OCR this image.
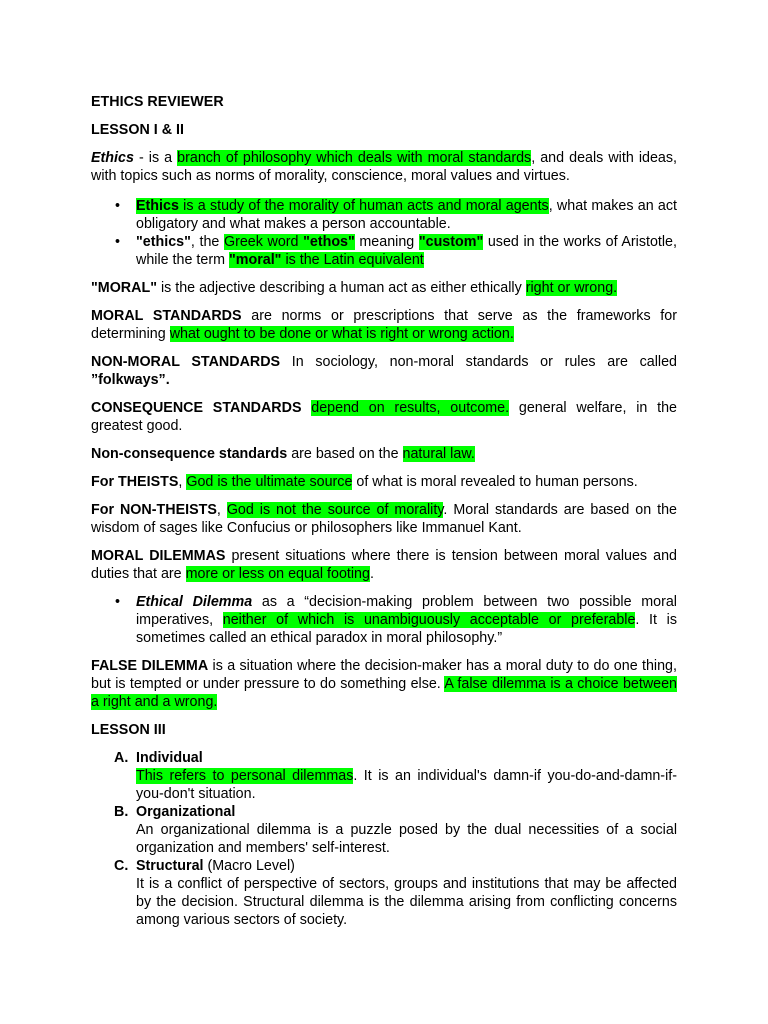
ETHICS REVIEWER

LESSON I & II

Ethics - is a branch of philosophy which deals with moral standards, and deals with ideas, with topics such as norms of morality, conscience, moral values and virtues.

• Ethics is a study of the morality of human acts and moral agents, what makes an act obligatory and what makes a person accountable.
• "ethics", the Greek word "ethos" meaning "custom" used in the works of Aristotle, while the term "moral" is the Latin equivalent

"MORAL" is the adjective describing a human act as either ethically right or wrong.

MORAL STANDARDS are norms or prescriptions that serve as the frameworks for determining what ought to be done or what is right or wrong action.

NON-MORAL STANDARDS In sociology, non-moral standards or rules are called ”folkways”.

CONSEQUENCE STANDARDS depend on results, outcome. general welfare, in the greatest good.

Non-consequence standards are based on the natural law.

For THEISTS, God is the ultimate source of what is moral revealed to human persons.

For NON-THEISTS, God is not the source of morality. Moral standards are based on the wisdom of sages like Confucius or philosophers like Immanuel Kant.

MORAL DILEMMAS present situations where there is tension between moral values and duties that are more or less on equal footing.

• Ethical Dilemma as a “decision-making problem between two possible moral imperatives, neither of which is unambiguously acceptable or preferable. It is sometimes called an ethical paradox in moral philosophy.”

FALSE DILEMMA is a situation where the decision-maker has a moral duty to do one thing, but is tempted or under pressure to do something else. A false dilemma is a choice between a right and a wrong.

LESSON III

A. Individual

This refers to personal dilemmas. It is an individual's damn-if you-do-and-damn-if-you-don't situation.

B. Organizational

An organizational dilemma is a puzzle posed by the dual necessities of a social organization and members' self-interest.

C. Structural (Macro Level)

It is a conflict of perspective of sectors, groups and institutions that may be affected by the decision. Structural dilemma is the dilemma arising from conflicting concerns among various sectors of society.
